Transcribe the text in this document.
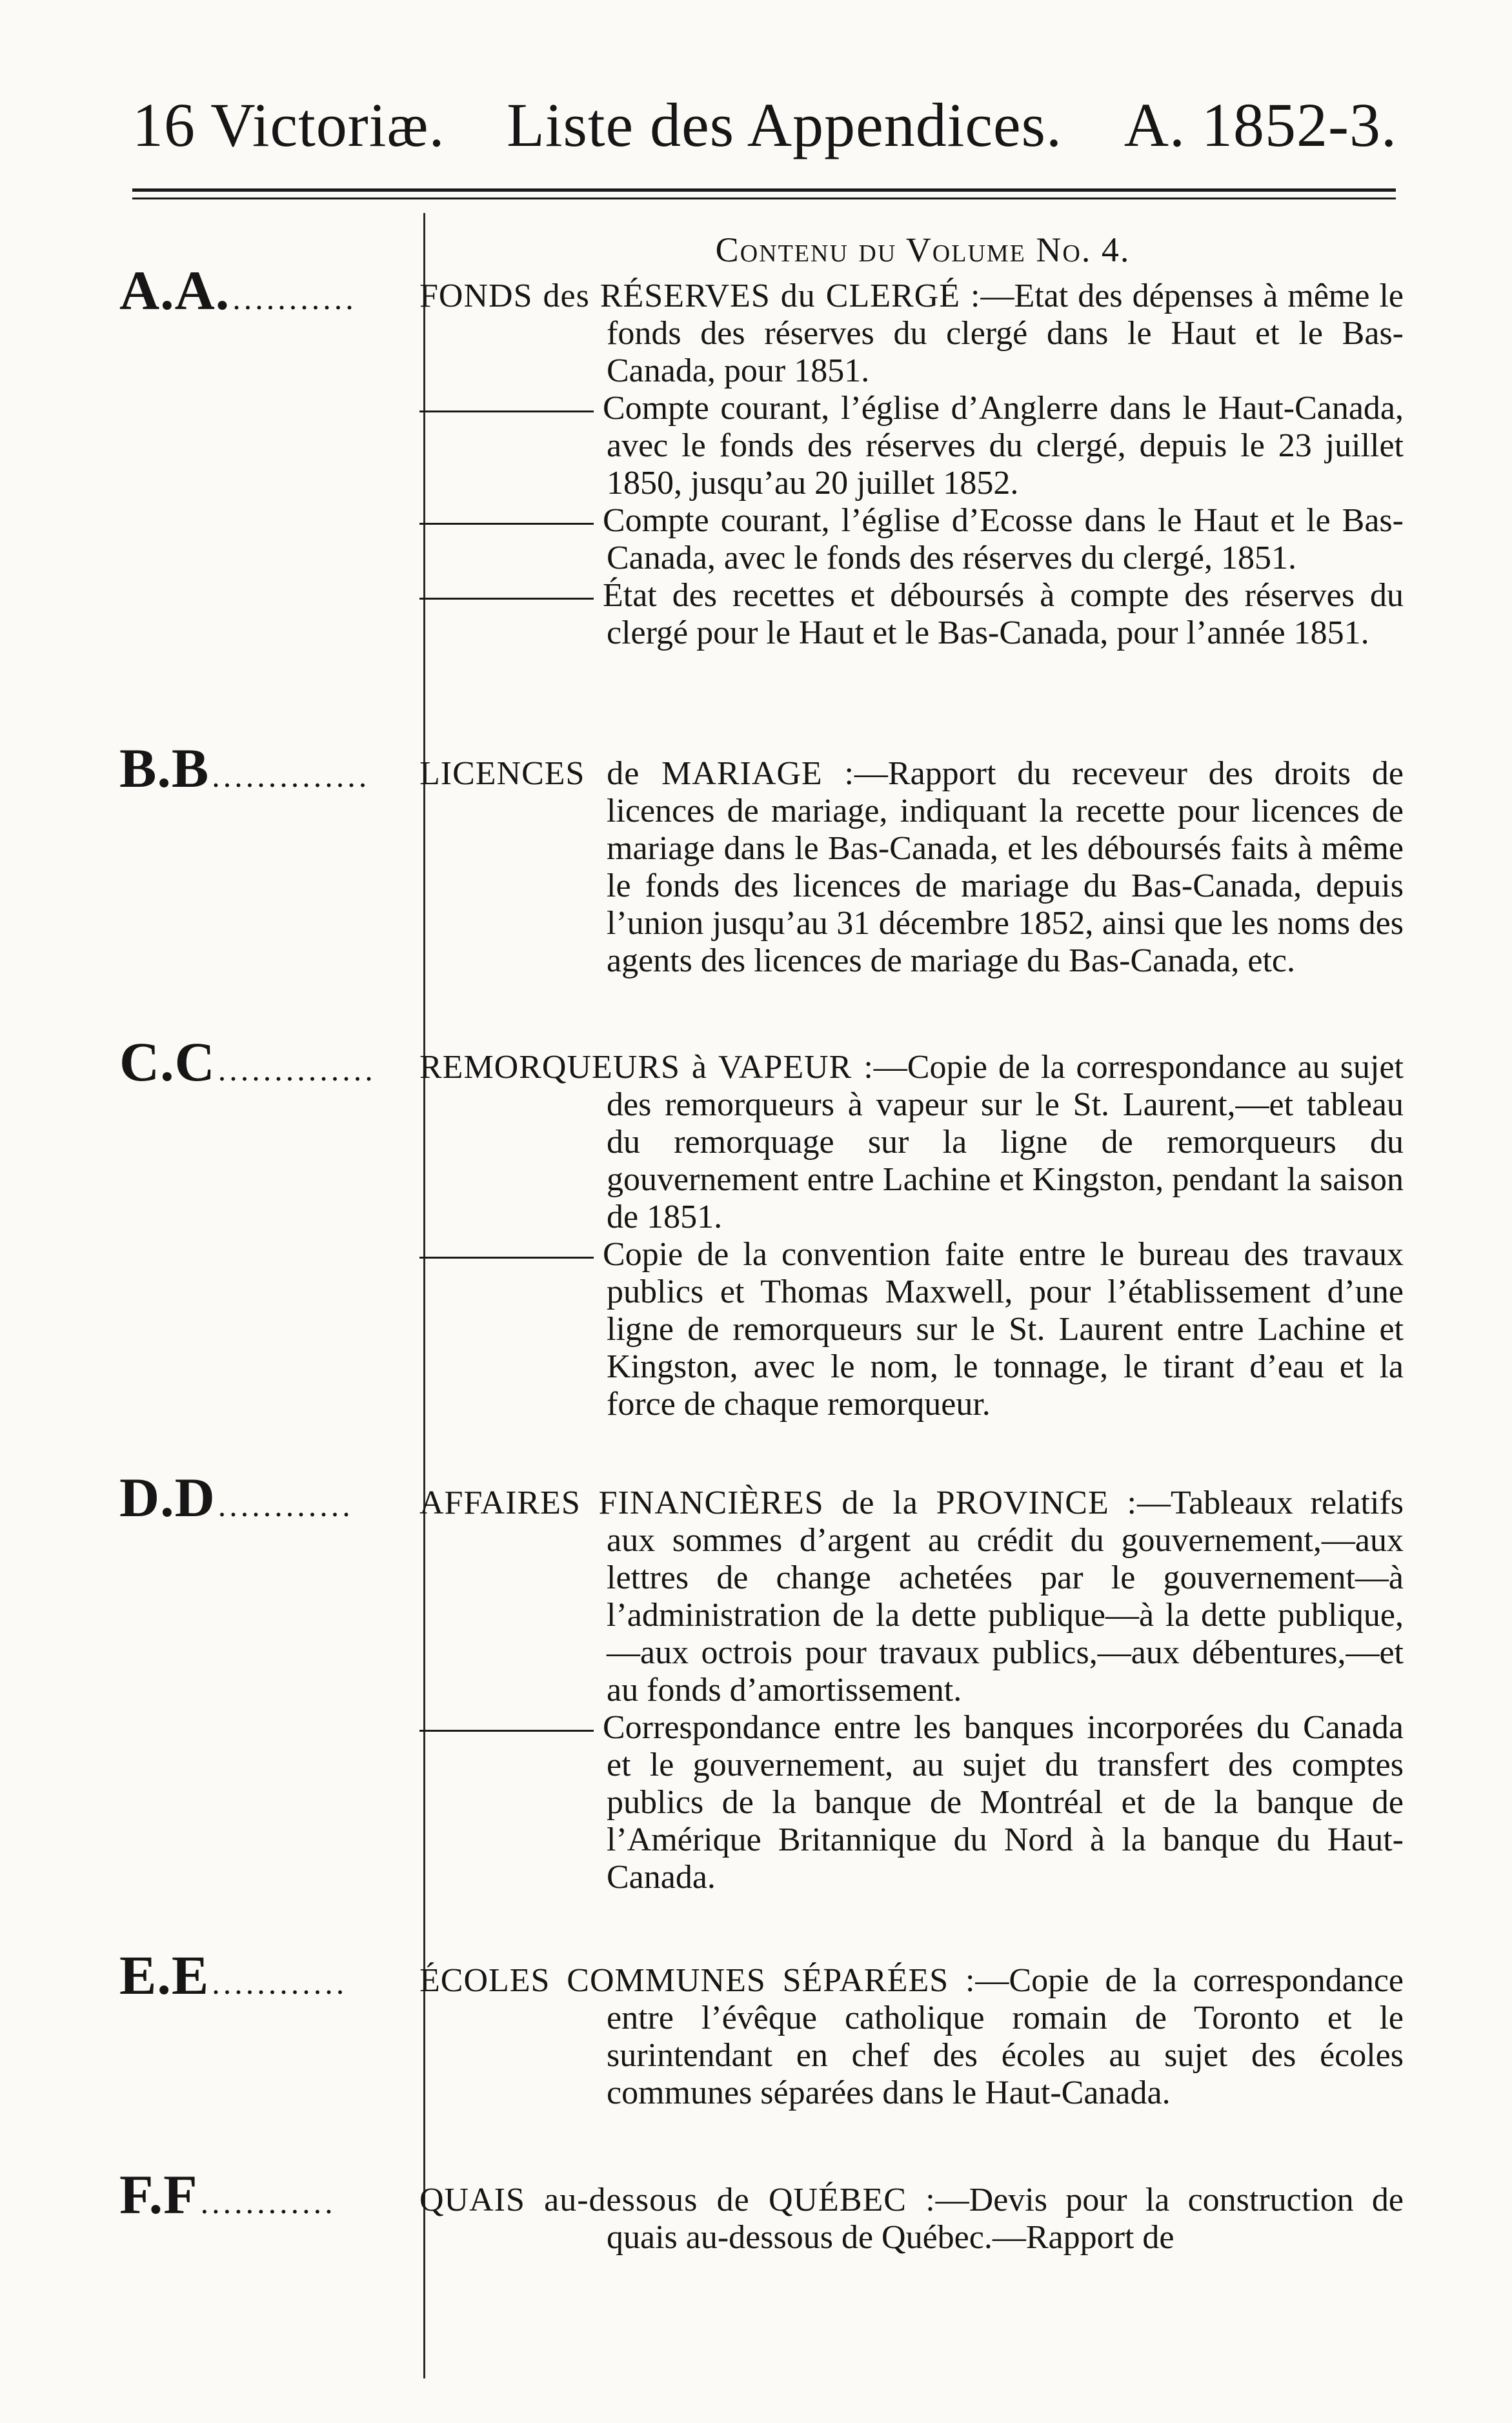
16 Victoriæ. Liste des Appendices. A. 1852-3.
Contenu du Volume No. 4.
A.A. ........... FONDS des RÉSERVES du CLERGÉ :—Etat des dépenses à même le fonds des réserves du clergé dans le Haut et le Bas-Canada, pour 1851.
Compte courant, l’église d’Anglerre dans le Haut-Canada, avec le fonds des réserves du clergé, depuis le 23 juillet 1850, jusqu’au 20 juillet 1852.
Compte courant, l’église d’Ecosse dans le Haut et le Bas-Canada, avec le fonds des réserves du clergé, 1851.
État des recettes et déboursés à compte des réserves du clergé pour le Haut et le Bas-Canada, pour l’année 1851.
B.B .............. LICENCES de MARIAGE :—Rapport du receveur des droits de licences de mariage, indiquant la recette pour licences de mariage dans le Bas-Canada, et les déboursés faits à même le fonds des licences de mariage du Bas-Canada, depuis l’union jusqu’au 31 décembre 1852, ainsi que les noms des agents des licences de mariage du Bas-Canada, etc.
C.C .............. REMORQUEURS à VAPEUR :—Copie de la correspondance au sujet des remorqueurs à vapeur sur le St. Laurent,—et tableau du remorquage sur la ligne de remorqueurs du gouvernement entre Lachine et Kingston, pendant la saison de 1851.
Copie de la convention faite entre le bureau des travaux publics et Thomas Maxwell, pour l’établissement d’une ligne de remorqueurs sur le St. Laurent entre Lachine et Kingston, avec le nom, le tonnage, le tirant d’eau et la force de chaque remorqueur.
D.D ............ AFFAIRES FINANCIÈRES de la PROVINCE :—Tableaux relatifs aux sommes d’argent au crédit du gouvernement,—aux lettres de change achetées par le gouvernement—à l’administration de la dette publique—à la dette publique,—aux octrois pour travaux publics,—aux débentures,—et au fonds d’amortissement.
Correspondance entre les banques incorporées du Canada et le gouvernement, au sujet du transfert des comptes publics de la banque de Montréal et de la banque de l’Amérique Britannique du Nord à la banque du Haut-Canada.
E.E ............ ÉCOLES COMMUNES SÉPARÉES :—Copie de la correspondance entre l’évêque catholique romain de Toronto et le surintendant en chef des écoles au sujet des écoles communes séparées dans le Haut-Canada.
F.F ............ QUAIS au-dessous de QUÉBEC :—Devis pour la construction de quais au-dessous de Québec.—Rapport de
